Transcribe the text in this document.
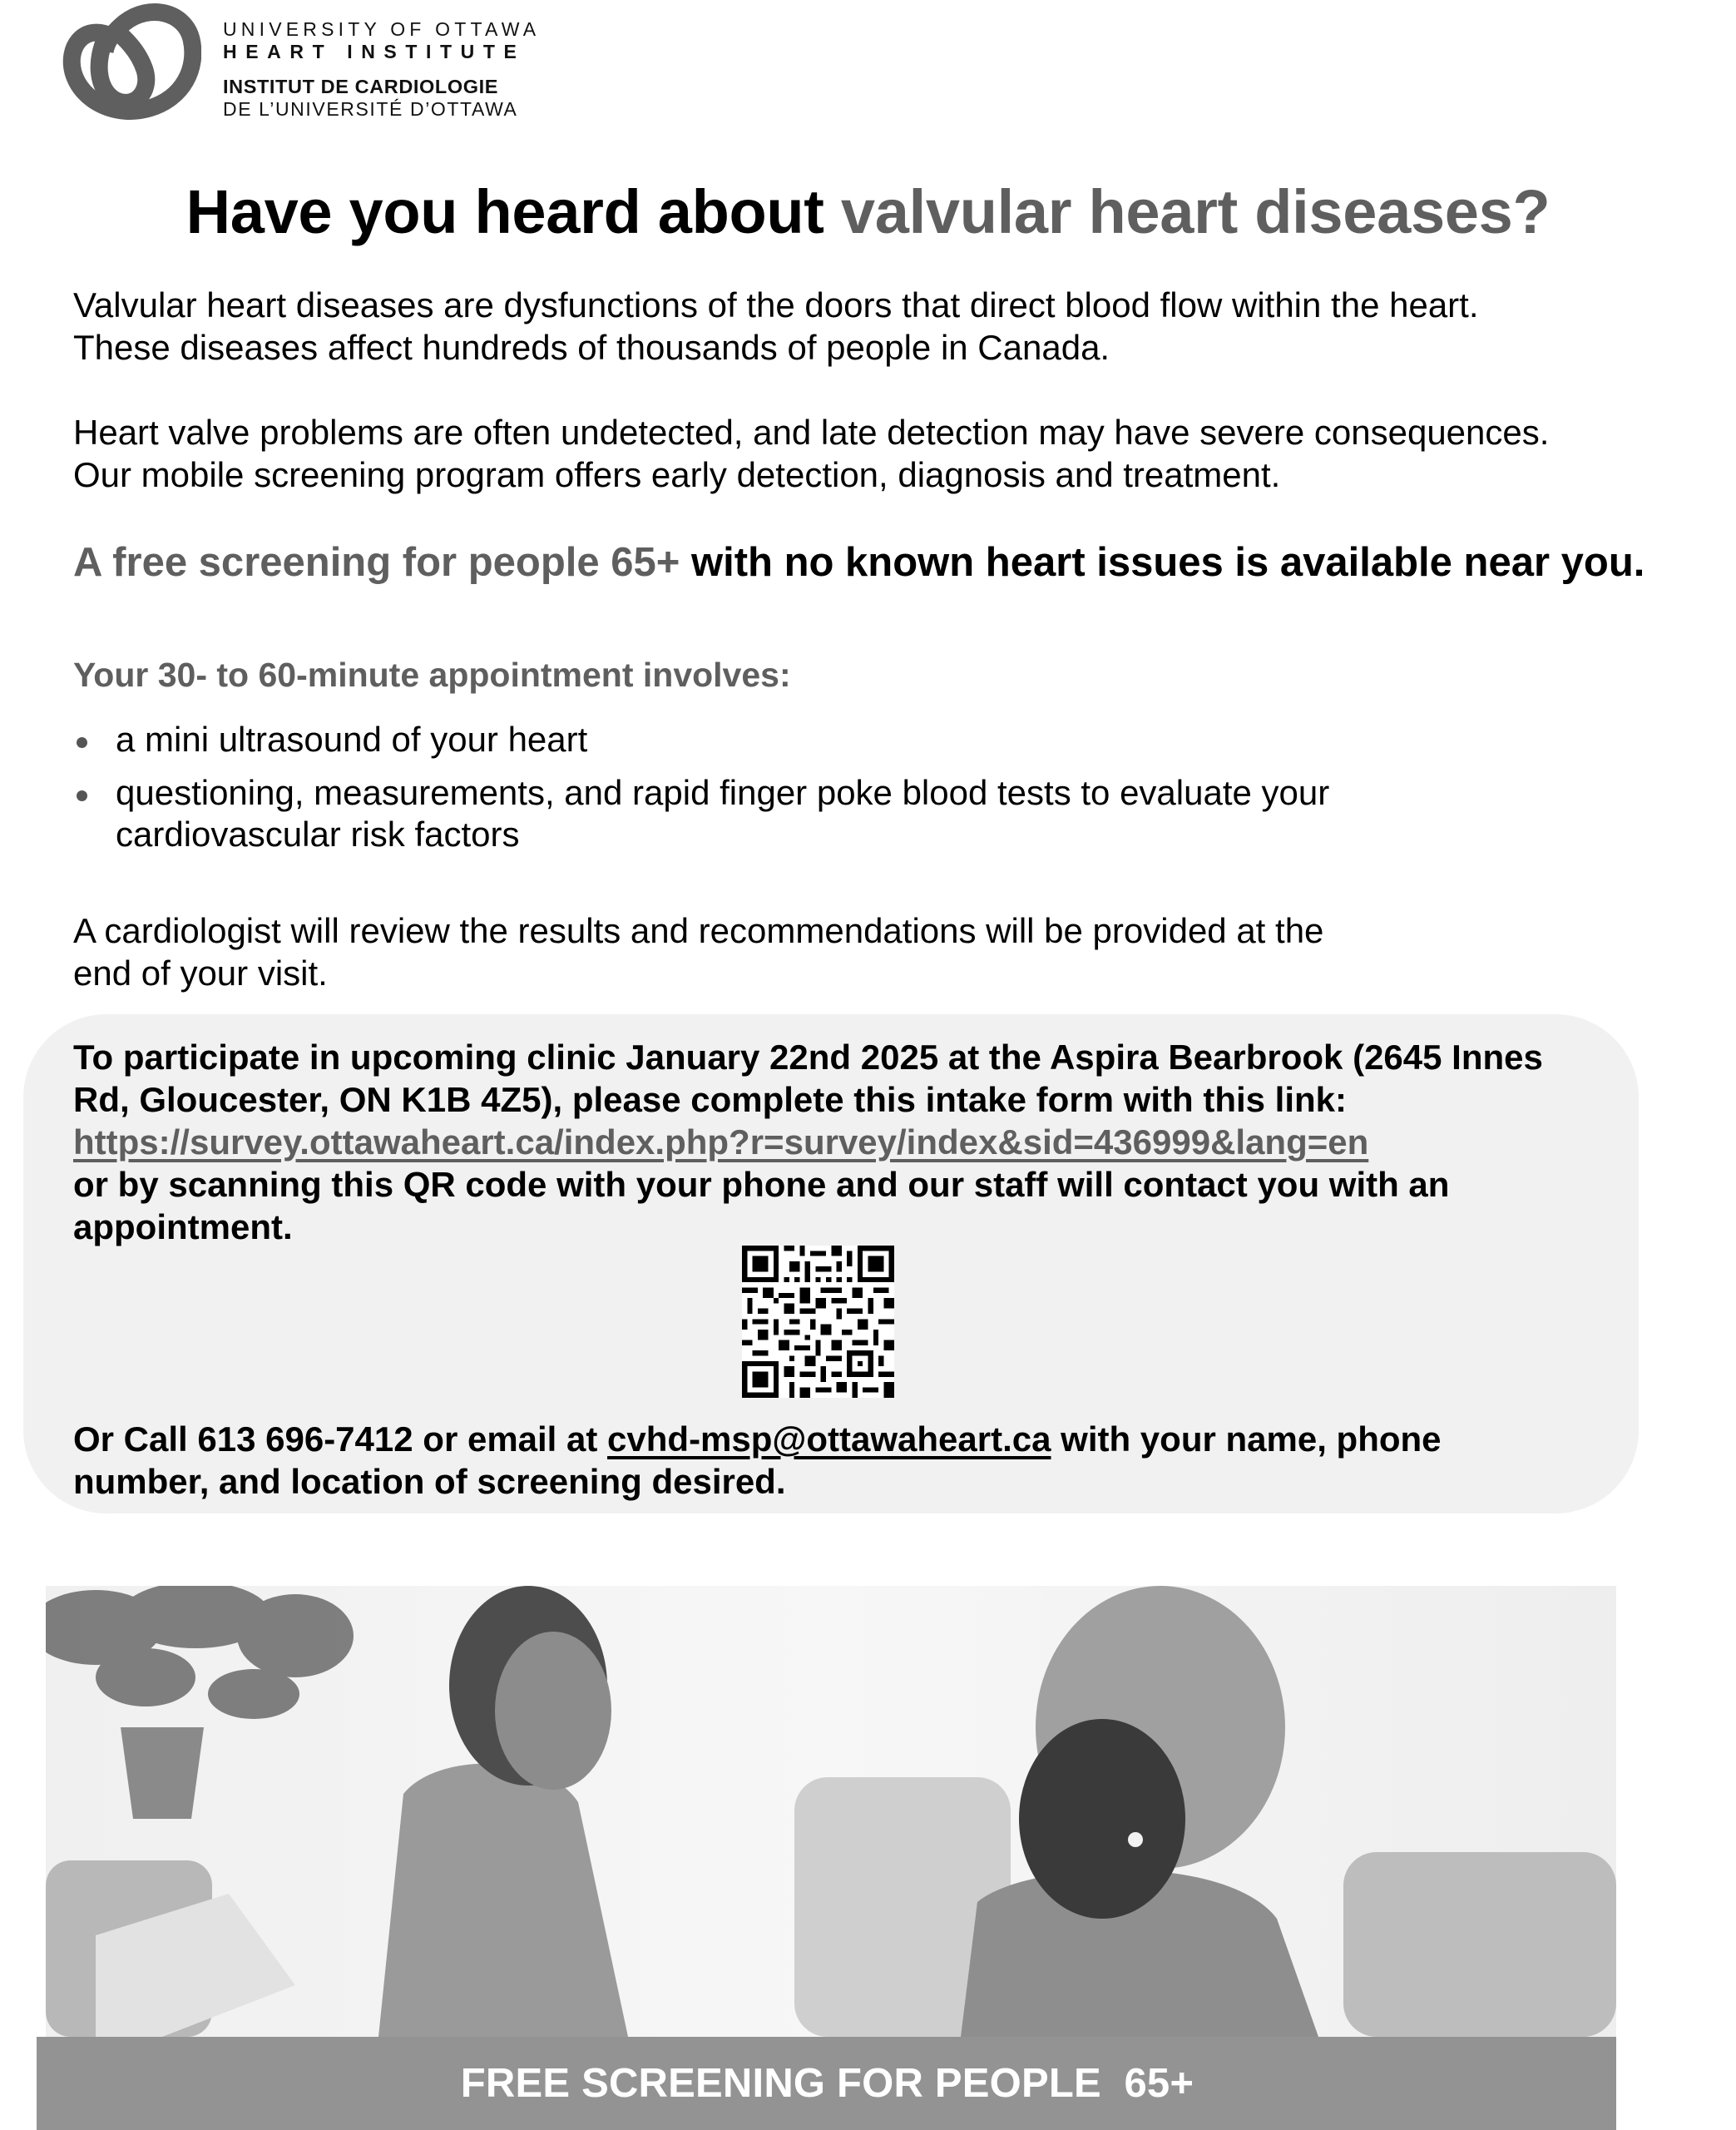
UNIVERSITY OF OTTAWA
HEART INSTITUTE
INSTITUT DE CARDIOLOGIE
DE L’UNIVERSITÉ D’OTTAWA
Have you heard about valvular heart diseases?
Valvular heart diseases are dysfunctions of the doors that direct blood flow within the heart.
These diseases affect hundreds of thousands of people in Canada.
Heart valve problems are often undetected, and late detection may have severe consequences.
Our mobile screening program offers early detection, diagnosis and treatment.
A free screening for people 65+ with no known heart issues is available near you.
Your 30- to 60-minute appointment involves:
a mini ultrasound of your heart
questioning, measurements, and rapid finger poke blood tests to evaluate your
cardiovascular risk factors
A cardiologist will review the results and recommendations will be provided at the
end of your visit.
To participate in upcoming clinic January 22nd 2025 at the Aspira Bearbrook (2645 Innes
Rd, Gloucester, ON K1B 4Z5), please complete this intake form with this link:
https://survey.ottawaheart.ca/index.php?r=survey/index&sid=436999&lang=en
or by scanning this QR code with your phone and our staff will contact you with an
appointment.
Or Call 613 696-7412 or email at cvhd-msp@ottawaheart.ca with your name, phone
number, and location of screening desired.
FREE SCREENING FOR PEOPLE  65+
